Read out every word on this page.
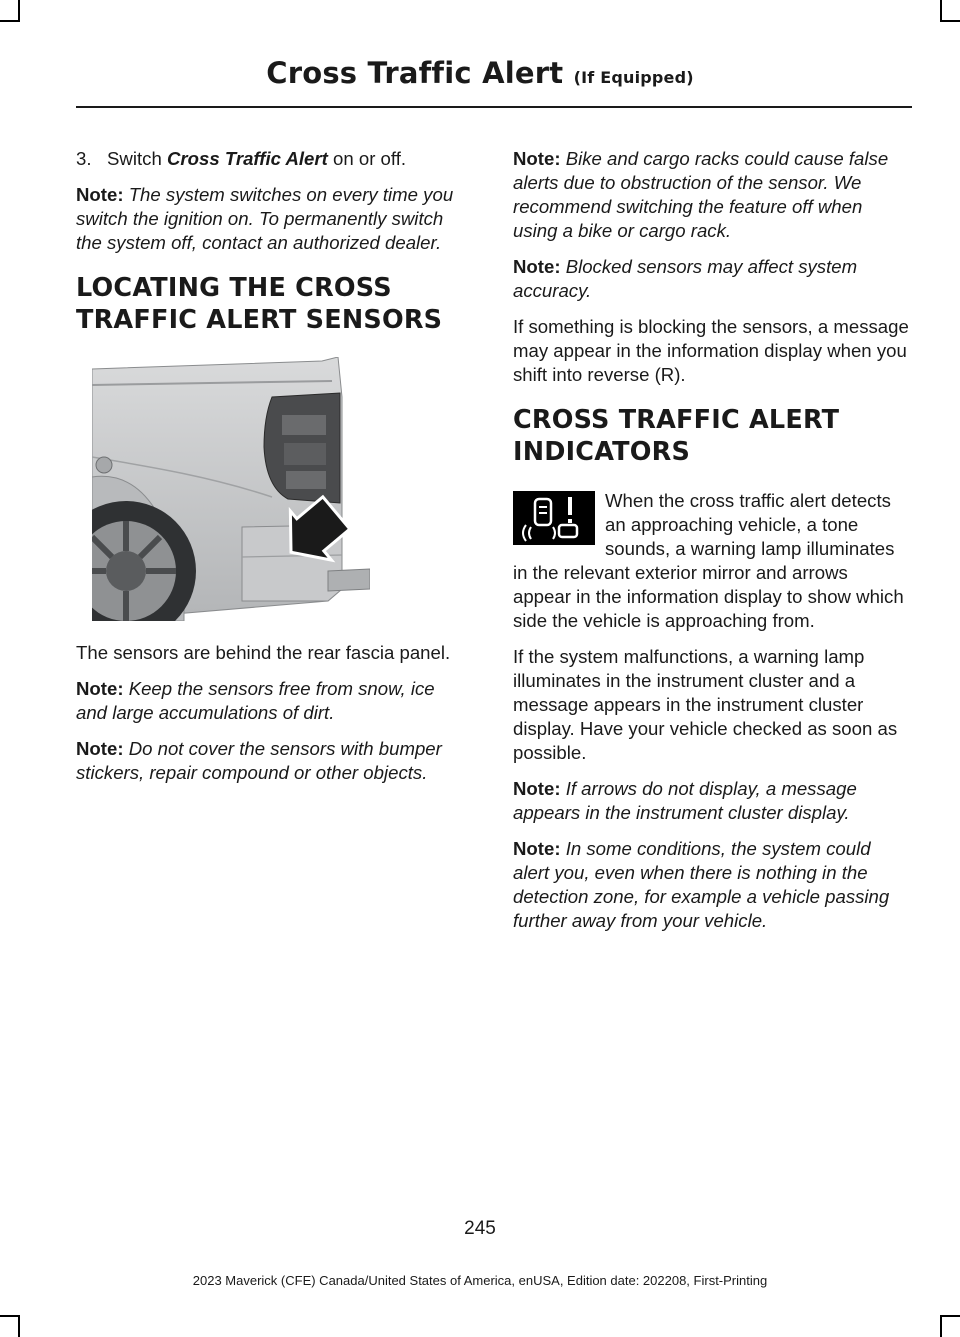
Cross Traffic Alert (If Equipped)

3. Switch Cross Traffic Alert on or off.

Note: The system switches on every time you switch the ignition on. To permanently switch the system off, contact an authorized dealer.

LOCATING THE CROSS
TRAFFIC ALERT SENSORS

The sensors are behind the rear fascia panel.

Note: Keep the sensors free from snow, ice and large accumulations of dirt.

Note: Do not cover the sensors with bumper stickers, repair compound or other objects.

Note: Bike and cargo racks could cause false alerts due to obstruction of the sensor. We recommend switching the feature off when using a bike or cargo rack.

Note: Blocked sensors may affect system accuracy.

If something is blocking the sensors, a message may appear in the information display when you shift into reverse (R).

CROSS TRAFFIC ALERT
INDICATORS

When the cross traffic alert detects an approaching vehicle, a tone sounds, a warning lamp illuminates in the relevant exterior mirror and arrows appear in the information display to show which side the vehicle is approaching from.

If the system malfunctions, a warning lamp illuminates in the instrument cluster and a message appears in the instrument cluster display. Have your vehicle checked as soon as possible.

Note: If arrows do not display, a message appears in the instrument cluster display.

Note: In some conditions, the system could alert you, even when there is nothing in the detection zone, for example a vehicle passing further away from your vehicle.

245
2023 Maverick (CFE) Canada/United States of America, enUSA, Edition date: 202208, First-Printing
